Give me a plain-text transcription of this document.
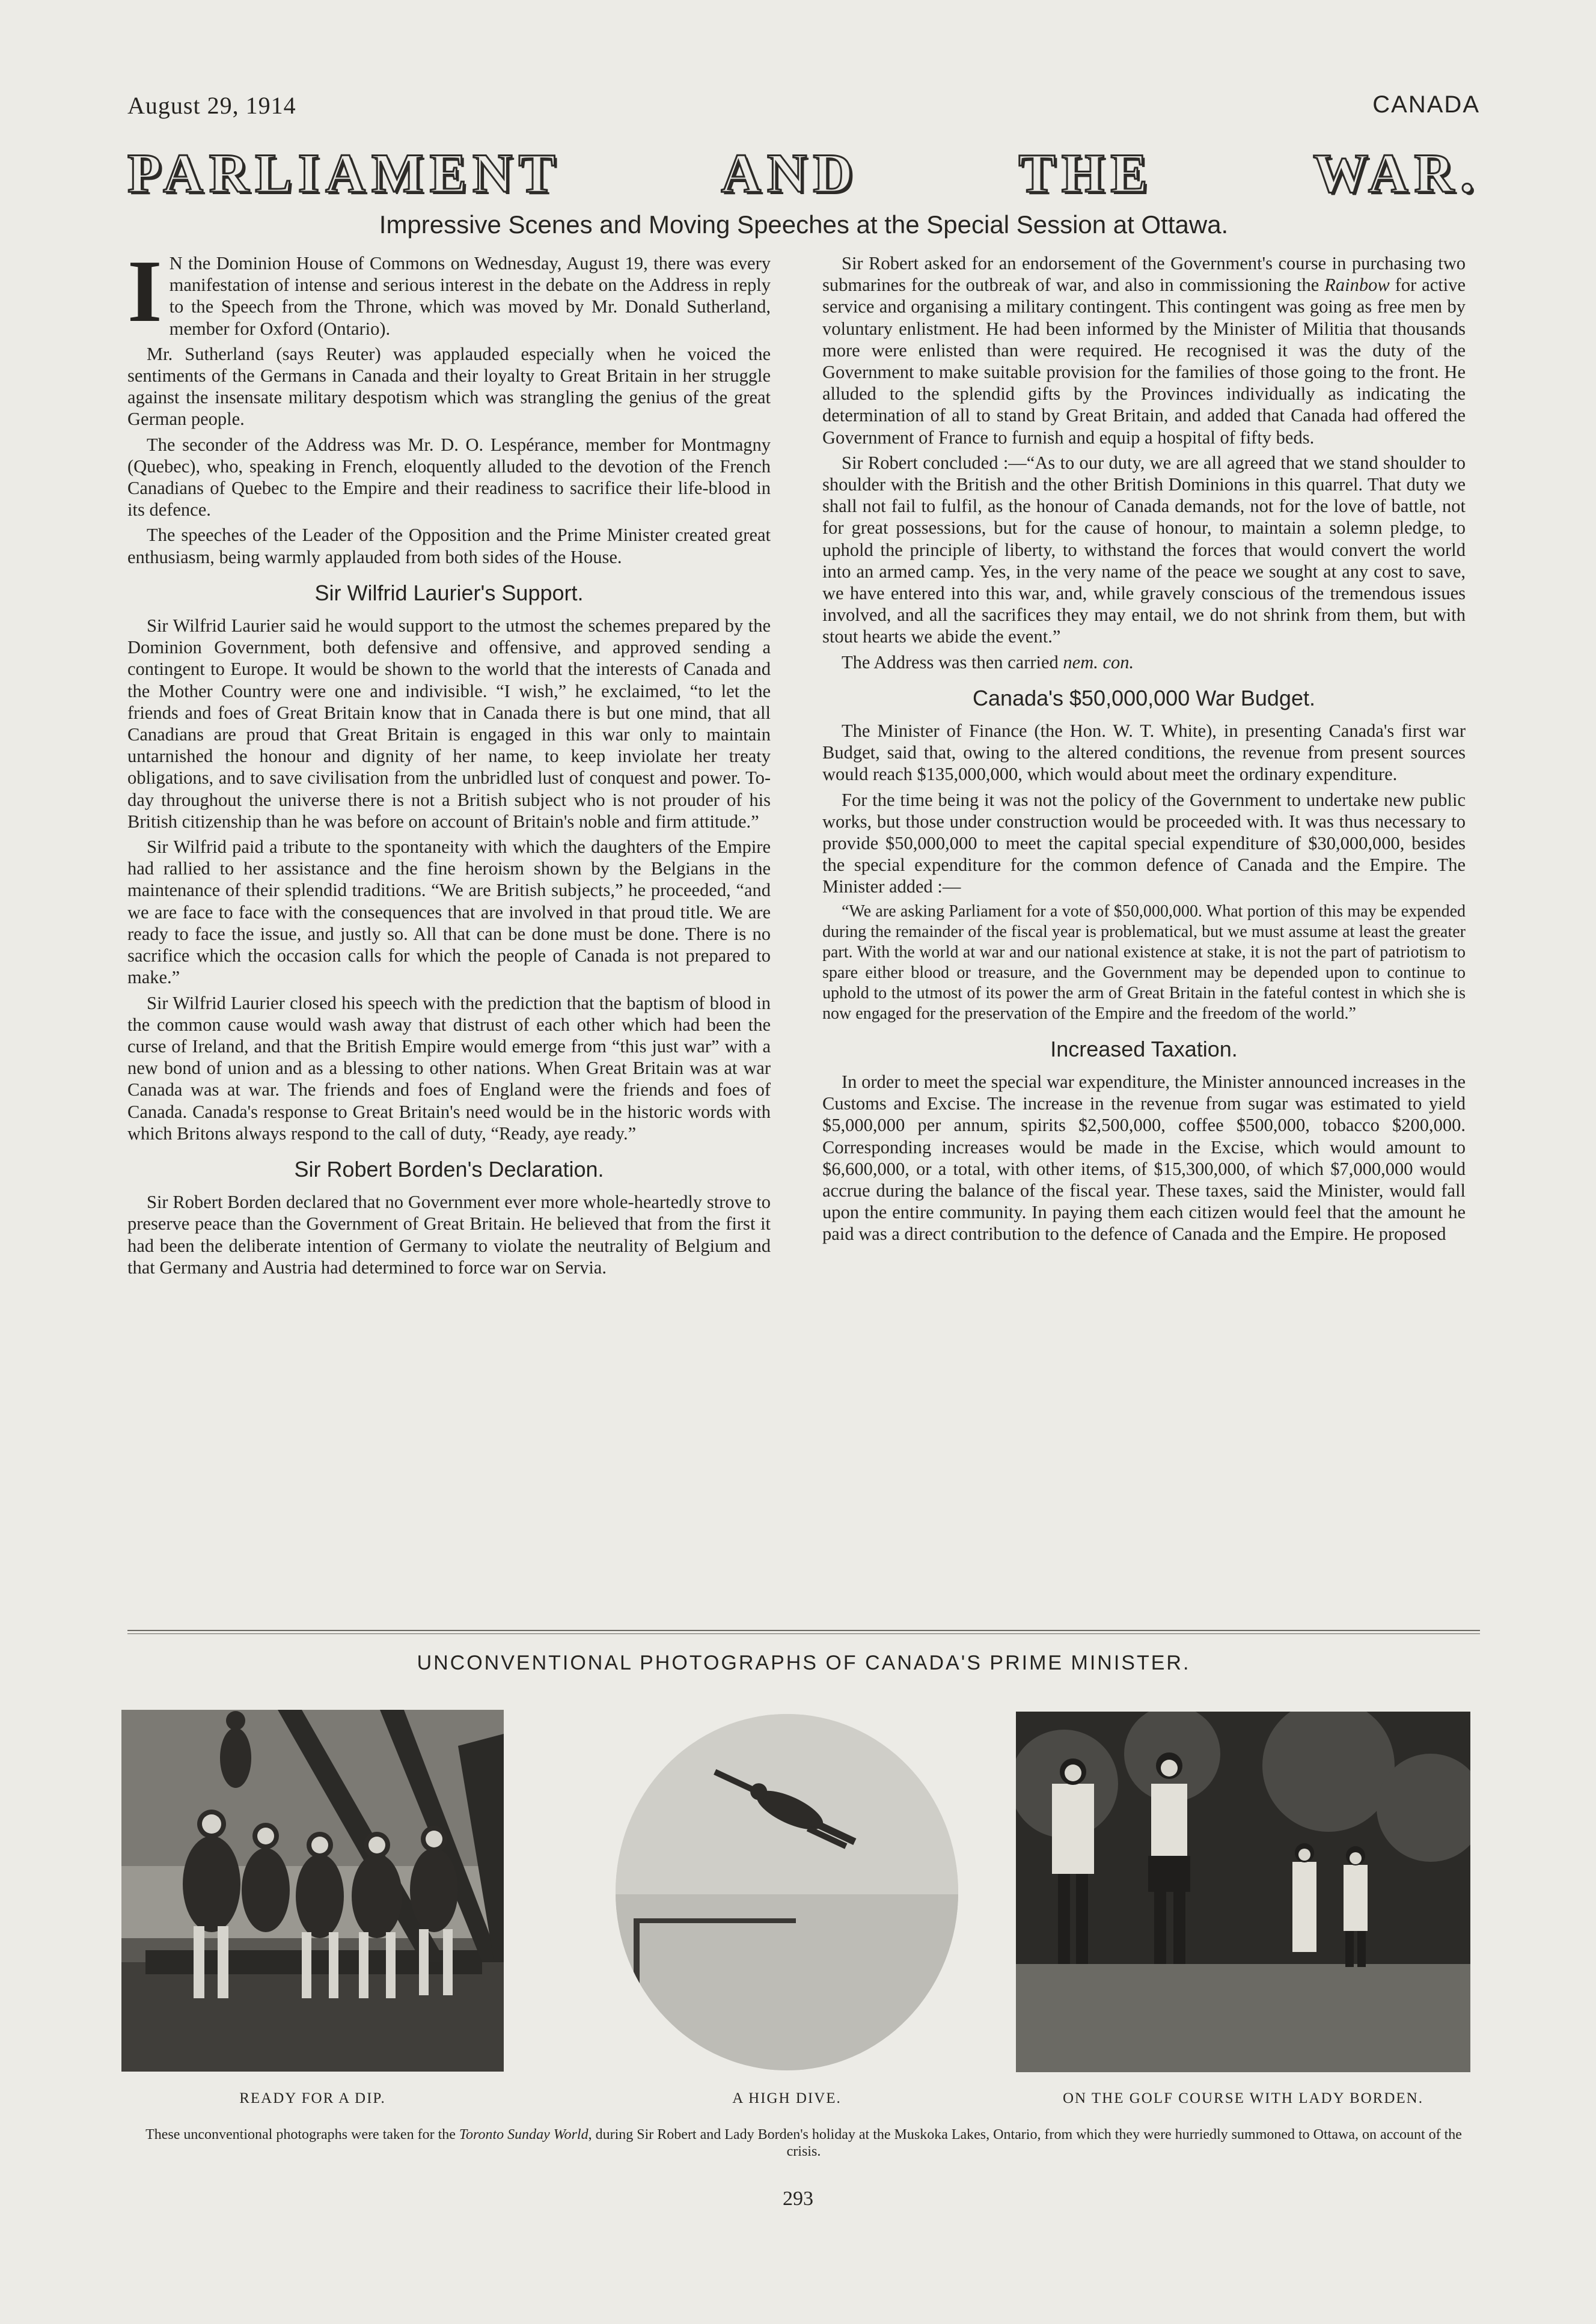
August 29, 1914	CANADA
PARLIAMENT	AND	THE	WAR.
Impressive Scenes and Moving Speeches at the Special Session at Ottawa.

I N the Dominion House of Commons on Wednesday, August 19, there was every manifestation of intense and serious interest in the debate on the Address in reply to the Speech from the Throne, which was moved by Mr. Donald Sutherland, member for Oxford (Ontario).

Mr. Sutherland (says Reuter) was applauded especially when he voiced the sentiments of the Germans in Canada and their loyalty to Great Britain in her struggle against the insensate military despotism which was strangling the genius of the great German people.

The seconder of the Address was Mr. D. O. Lespérance, member for Montmagny (Quebec), who, speaking in French, eloquently alluded to the devotion of the French Canadians of Quebec to the Empire and their readiness to sacrifice their life-blood in its defence.

The speeches of the Leader of the Opposition and the Prime Minister created great enthusiasm, being warmly applauded from both sides of the House.

Sir Wilfrid Laurier's Support.

Sir Wilfrid Laurier said he would support to the utmost the schemes prepared by the Dominion Government, both defensive and offensive, and approved sending a contingent to Europe. It would be shown to the world that the interests of Canada and the Mother Country were one and indivisible. “I wish,” he exclaimed, “to let the friends and foes of Great Britain know that in Canada there is but one mind, that all Canadians are proud that Great Britain is engaged in this war only to maintain untarnished the honour and dignity of her name, to keep inviolate her treaty obligations, and to save civilisation from the unbridled lust of conquest and power. To-day throughout the universe there is not a British subject who is not prouder of his British citizenship than he was before on account of Britain's noble and firm attitude.”

Sir Wilfrid paid a tribute to the spontaneity with which the daughters of the Empire had rallied to her assistance and the fine heroism shown by the Belgians in the maintenance of their splendid traditions. “We are British subjects,” he proceeded, “and we are face to face with the consequences that are involved in that proud title. We are ready to face the issue, and justly so. All that can be done must be done. There is no sacrifice which the occasion calls for which the people of Canada is not prepared to make.”

Sir Wilfrid Laurier closed his speech with the prediction that the baptism of blood in the common cause would wash away that distrust of each other which had been the curse of Ireland, and that the British Empire would emerge from “this just war” with a new bond of union and as a blessing to other nations. When Great Britain was at war Canada was at war. The friends and foes of England were the friends and foes of Canada. Canada's response to Great Britain's need would be in the historic words with which Britons always respond to the call of duty, “Ready, aye ready.”

Sir Robert Borden's Declaration.

Sir Robert Borden declared that no Government ever more whole-heartedly strove to preserve peace than the Government of Great Britain. He believed that from the first it had been the deliberate intention of Germany to violate the neutrality of Belgium and that Germany and Austria had determined to force war on Servia.

Sir Robert asked for an endorsement of the Government's course in purchasing two submarines for the outbreak of war, and also in commissioning the Rainbow for active service and organising a military contingent. This contingent was going as free men by voluntary enlistment. He had been informed by the Minister of Militia that thousands more were enlisted than were required. He recognised it was the duty of the Government to make suitable provision for the families of those going to the front. He alluded to the splendid gifts by the Provinces individually as indicating the determination of all to stand by Great Britain, and added that Canada had offered the Government of France to furnish and equip a hospital of fifty beds.

Sir Robert concluded :—“As to our duty, we are all agreed that we stand shoulder to shoulder with the British and the other British Dominions in this quarrel. That duty we shall not fail to fulfil, as the honour of Canada demands, not for the love of battle, not for great possessions, but for the cause of honour, to maintain a solemn pledge, to uphold the principle of liberty, to withstand the forces that would convert the world into an armed camp. Yes, in the very name of the peace we sought at any cost to save, we have entered into this war, and, while gravely conscious of the tremendous issues involved, and all the sacrifices they may entail, we do not shrink from them, but with stout hearts we abide the event.”

The Address was then carried nem. con.

Canada's $50,000,000 War Budget.

The Minister of Finance (the Hon. W. T. White), in presenting Canada's first war Budget, said that, owing to the altered conditions, the revenue from present sources would reach $135,000,000, which would about meet the ordinary expenditure.

For the time being it was not the policy of the Government to undertake new public works, but those under construction would be proceeded with. It was thus necessary to provide $50,000,000 to meet the capital special expenditure of $30,000,000, besides the special expenditure for the common defence of Canada and the Empire. The Minister added :—

“We are asking Parliament for a vote of $50,000,000. What portion of this may be expended during the remainder of the fiscal year is problematical, but we must assume at least the greater part. With the world at war and our national existence at stake, it is not the part of patriotism to spare either blood or treasure, and the Government may be depended upon to continue to uphold to the utmost of its power the arm of Great Britain in the fateful contest in which she is now engaged for the preservation of the Empire and the freedom of the world.”

Increased Taxation.

In order to meet the special war expenditure, the Minister announced increases in the Customs and Excise. The increase in the revenue from sugar was estimated to yield $5,000,000 per annum, spirits $2,500,000, coffee $500,000, tobacco $200,000. Corresponding increases would be made in the Excise, which would amount to $6,600,000, or a total, with other items, of $15,300,000, of which $7,000,000 would accrue during the balance of the fiscal year. These taxes, said the Minister, would fall upon the entire community. In paying them each citizen would feel that the amount he paid was a direct contribution to the defence of Canada and the Empire. He proposed

UNCONVENTIONAL PHOTOGRAPHS OF CANADA'S PRIME MINISTER.
READY FOR A DIP.	A HIGH DIVE.	ON THE GOLF COURSE WITH LADY BORDEN.
These unconventional photographs were taken for the Toronto Sunday World, during Sir Robert and Lady Borden's holiday at the Muskoka Lakes, Ontario, from which they were hurriedly summoned to Ottawa, on account of the crisis.
293
